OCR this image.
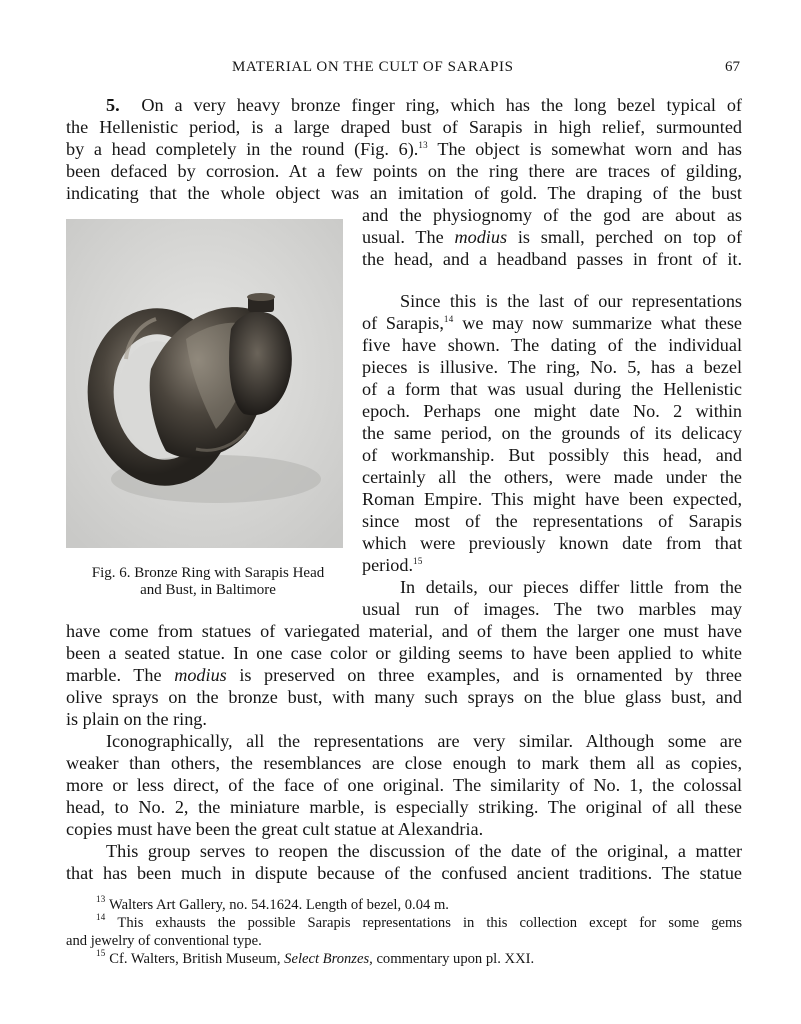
MATERIAL ON THE CULT OF SARAPIS	67
5. On a very heavy bronze finger ring, which has the long bezel typical of
the Hellenistic period, is a large draped bust of Sarapis in high relief, surmounted
by a head completely in the round (Fig. 6).$^{13}$ The object is somewhat worn and has
been defaced by corrosion. At a few points on the ring there are traces of gilding,
indicating that the whole object was an imitation of gold. The draping of the bust
and the physiognomy of the god are about as
usual. The modius is small, perched on top of
the head, and a headband passes in front of it.
Fig. 6. Bronze Ring with Sarapis Head
and Bust, in Baltimore
Since this is the last of our representations
of Sarapis,$^{14}$ we may now summarize what these
five have shown. The dating of the individual
pieces is illusive. The ring, No. 5, has a bezel
of a form that was usual during the Hellenistic
epoch. Perhaps one might date No. 2 within
the same period, on the grounds of its delicacy
of workmanship. But possibly this head, and
certainly all the others, were made under the
Roman Empire. This might have been expected,
since most of the representations of Sarapis
which were previously known date from that
period.$^{15}$
In details, our pieces differ little from the
usual run of images. The two marbles may
have come from statues of variegated material, and of them the larger one must have
been a seated statue. In one case color or gilding seems to have been applied to white
marble. The modius is preserved on three examples, and is ornamented by three
olive sprays on the bronze bust, with many such sprays on the blue glass bust, and
is plain on the ring.
Iconographically, all the representations are very similar. Although some are
weaker than others, the resemblances are close enough to mark them all as copies,
more or less direct, of the face of one original. The similarity of No. 1, the colossal
head, to No. 2, the miniature marble, is especially striking. The original of all these
copies must have been the great cult statue at Alexandria.
This group serves to reopen the discussion of the date of the original, a matter
that has been much in dispute because of the confused ancient traditions. The statue
$^{13}$ Walters Art Gallery, no. 54.1624. Length of bezel, 0.04 m.
$^{14}$ This exhausts the possible Sarapis representations in this collection except for some gems
and jewelry of conventional type.
$^{15}$ Cf. Walters, British Museum, Select Bronzes, commentary upon pl. XXI.
